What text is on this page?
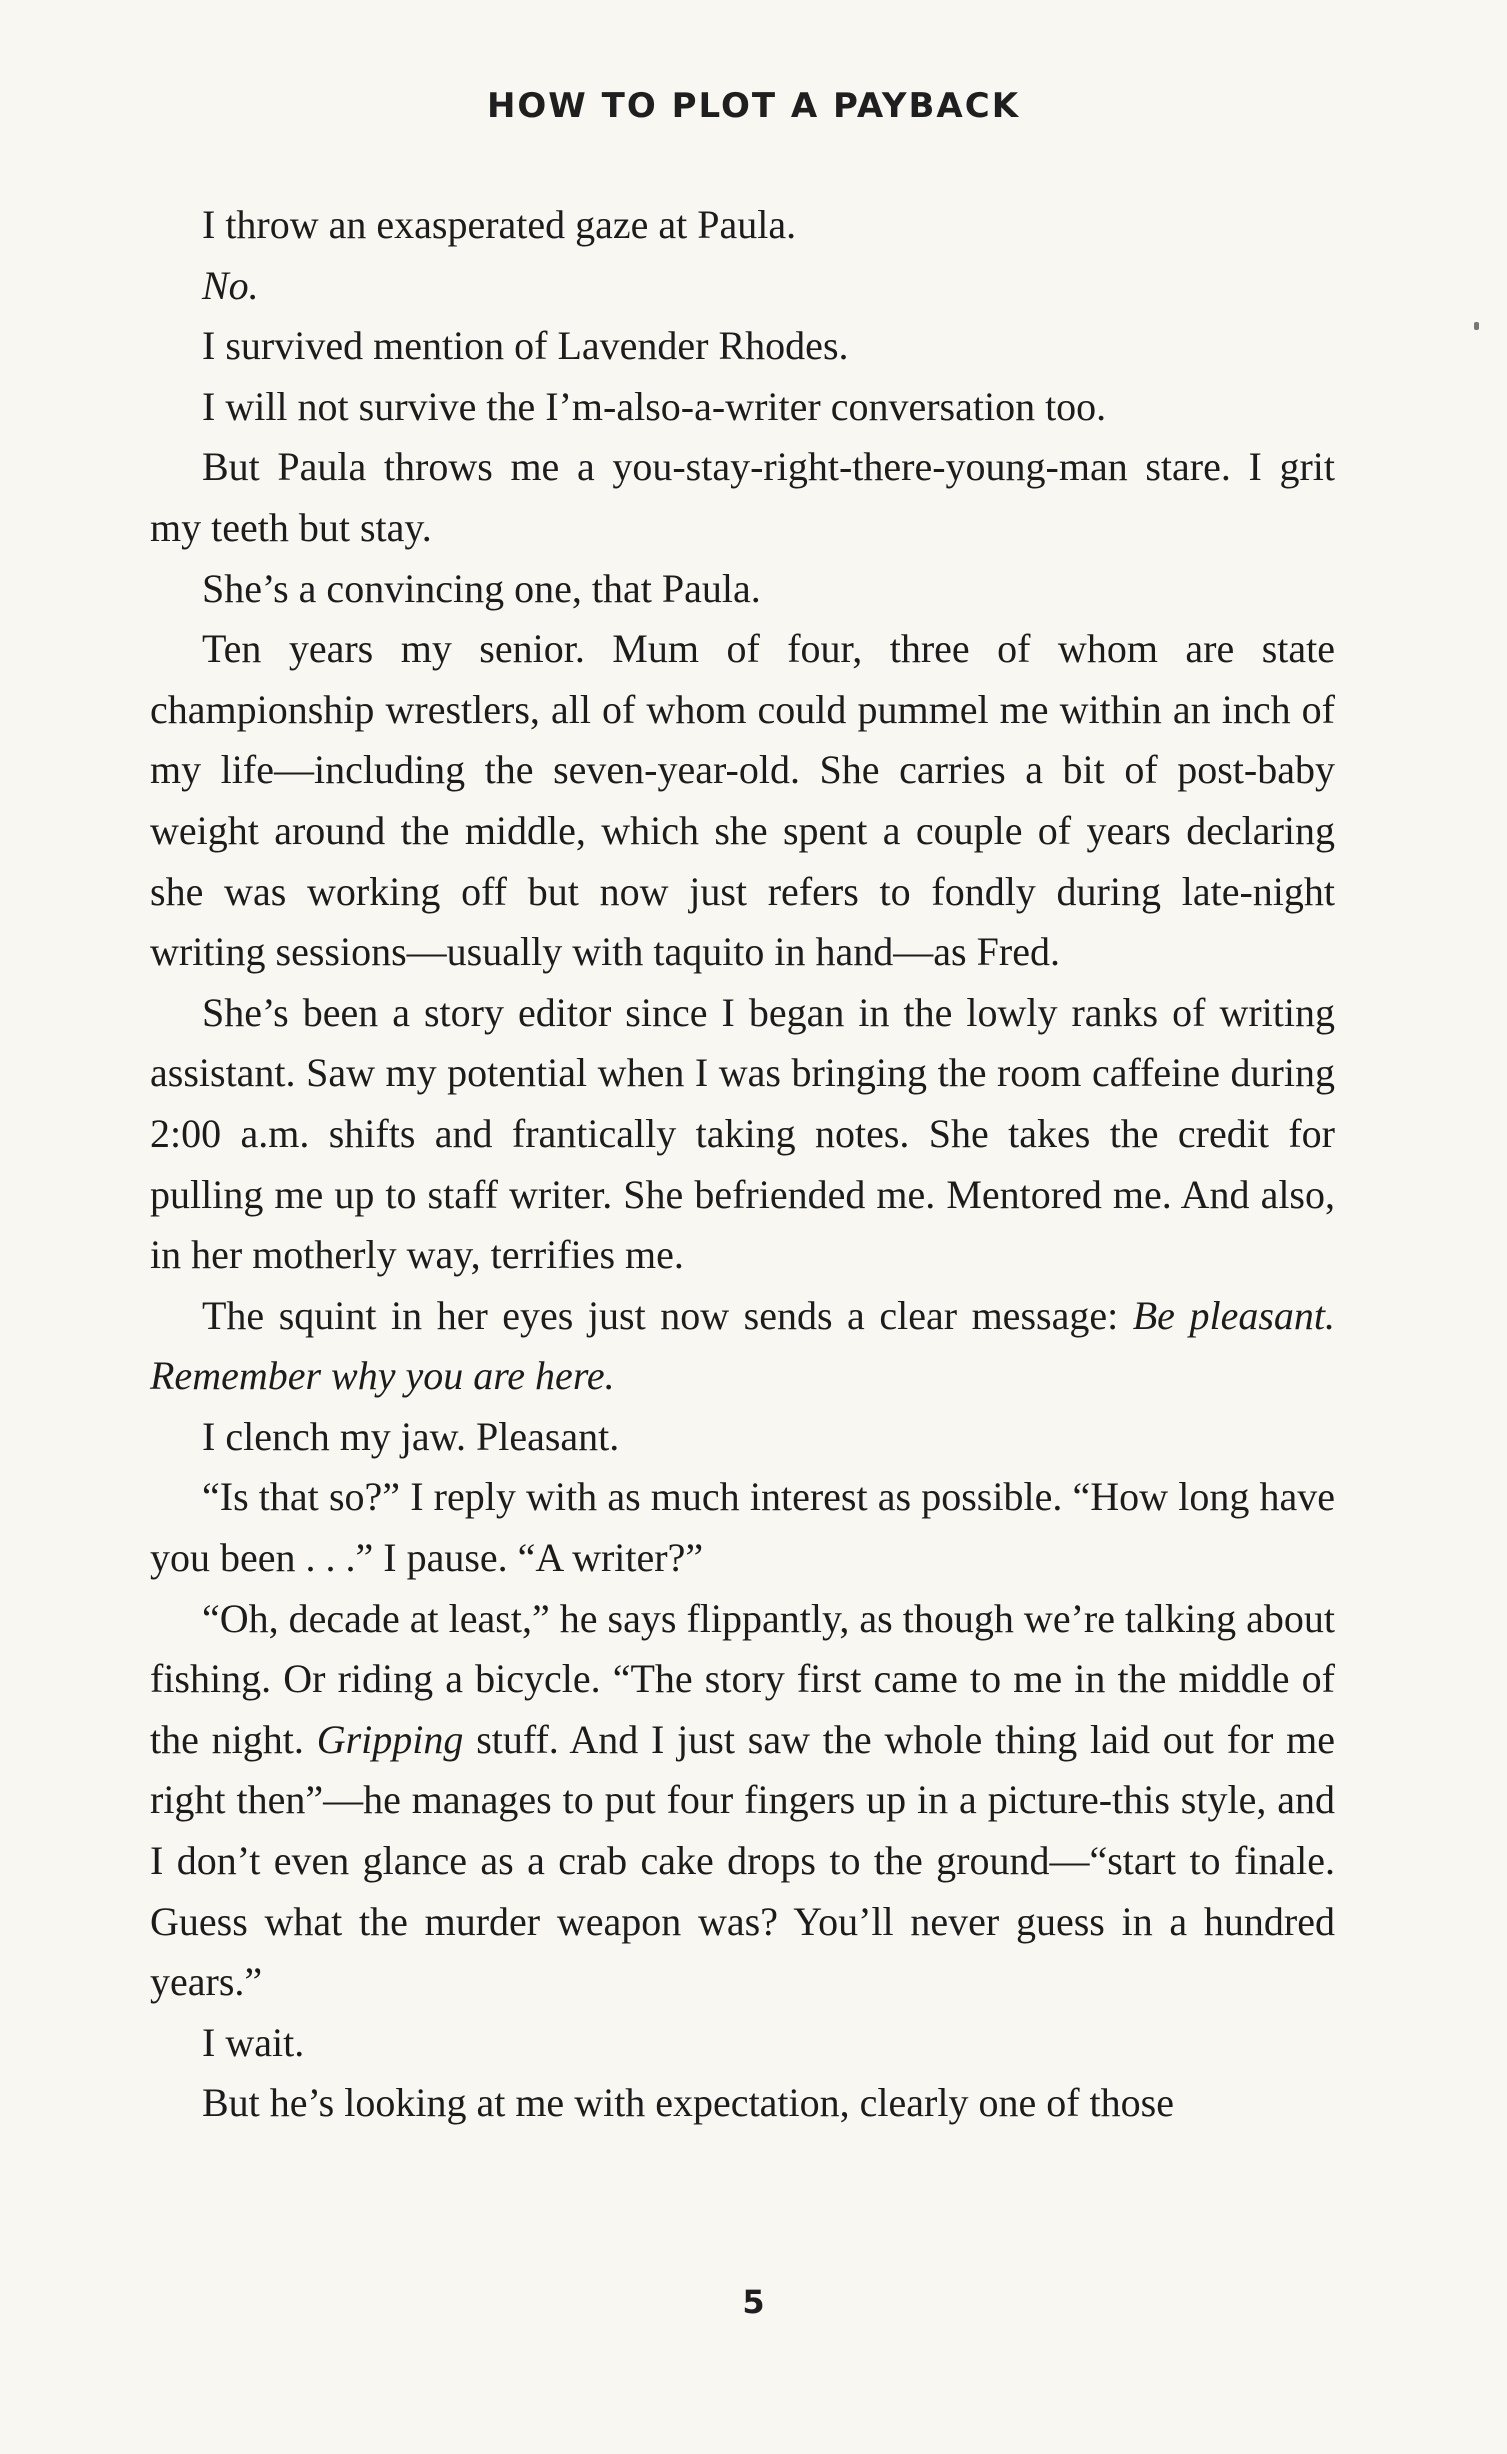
HOW TO PLOT A PAYBACK

I throw an exasperated gaze at Paula.

No.

I survived mention of Lavender Rhodes.

I will not survive the I’m-also-a-writer conversation too.

But Paula throws me a you-stay-right-there-young-man stare. I grit my teeth but stay.

She’s a convincing one, that Paula.

Ten years my senior. Mum of four, three of whom are state championship wrestlers, all of whom could pummel me within an inch of my life—including the seven-year-old. She carries a bit of post-baby weight around the middle, which she spent a couple of years declaring she was working off but now just refers to fondly during late-night writing sessions—usually with taquito in hand—as Fred.

She’s been a story editor since I began in the lowly ranks of writing assistant. Saw my potential when I was bringing the room caffeine during 2:00 a.m. shifts and frantically taking notes. She takes the credit for pulling me up to staff writer. She befriended me. Mentored me. And also, in her motherly way, terrifies me.

The squint in her eyes just now sends a clear message: Be pleasant. Remember why you are here.

I clench my jaw. Pleasant.

“Is that so?” I reply with as much interest as possible. “How long have you been . . .” I pause. “A writer?”

“Oh, decade at least,” he says flippantly, as though we’re talking about fishing. Or riding a bicycle. “The story first came to me in the middle of the night. Gripping stuff. And I just saw the whole thing laid out for me right then”—he manages to put four fingers up in a picture-this style, and I don’t even glance as a crab cake drops to the ground—“start to finale. Guess what the murder weapon was? You’ll never guess in a hundred years.”

I wait.

But he’s looking at me with expectation, clearly one of those

5
